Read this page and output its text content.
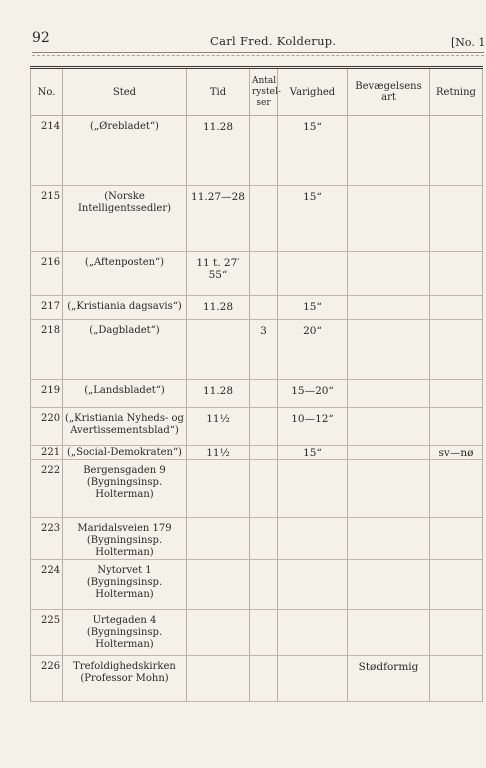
92	Carl Fred. Kolderup.	[No. 1
No.	Sted	Tid	Antal rystelser	Varighed	Bevægelsens art	Retning
214	(„Ørebladet“)	11.28		15“		
215	(Norske Intelligentssedler)	11.27—28		15“		
216	(„Aftenposten“)	11 t. 27′ 55“				
217	(„Kristiania dagsavis“)	11.28		15“		
218	(„Dagbladet“)		3	20“		
219	(„Landsbladet“)	11.28		15—20“		
220	(„Kristiania Nyheds- og Avertissementsblad“)	11½		10—12“		
221	(„Social-Demokraten“)	11½		15“		sv—nø
222	Bergensgaden 9 (Bygningsinsp. Holterman)					
223	Maridalsveien 179 (Bygningsinsp. Holterman)					
224	Nytorvet 1 (Bygningsinsp. Holterman)					
225	Urtegaden 4 (Bygningsinsp. Holterman)					
226	Trefoldighedskirken (Professor Mohn)				Stødformig	
